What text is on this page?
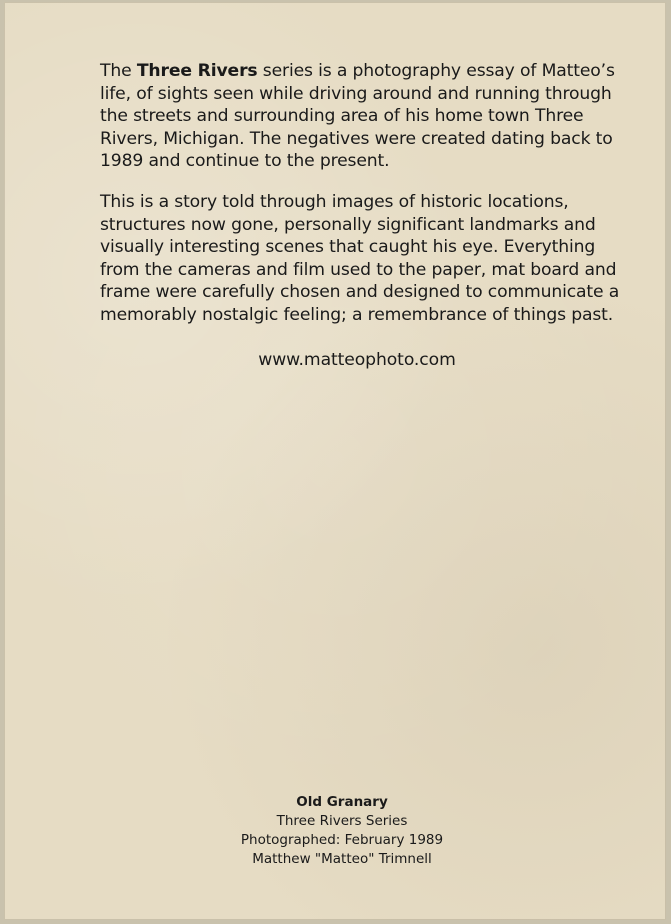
The Three Rivers series is a photography essay of Matteo’s life, of sights seen while driving around and running through the streets and surrounding area of his home town Three Rivers, Michigan. The negatives were created dating back to 1989 and continue to the present.

This is a story told through images of historic locations, structures now gone, personally significant landmarks and visually interesting scenes that caught his eye. Everything from the cameras and film used to the paper, mat board and frame were carefully chosen and designed to communicate a memorably nostalgic feeling; a remembrance of things past.

www.matteophoto.com
Old Granary
Three Rivers Series
Photographed: February 1989
Matthew "Matteo" Trimnell
